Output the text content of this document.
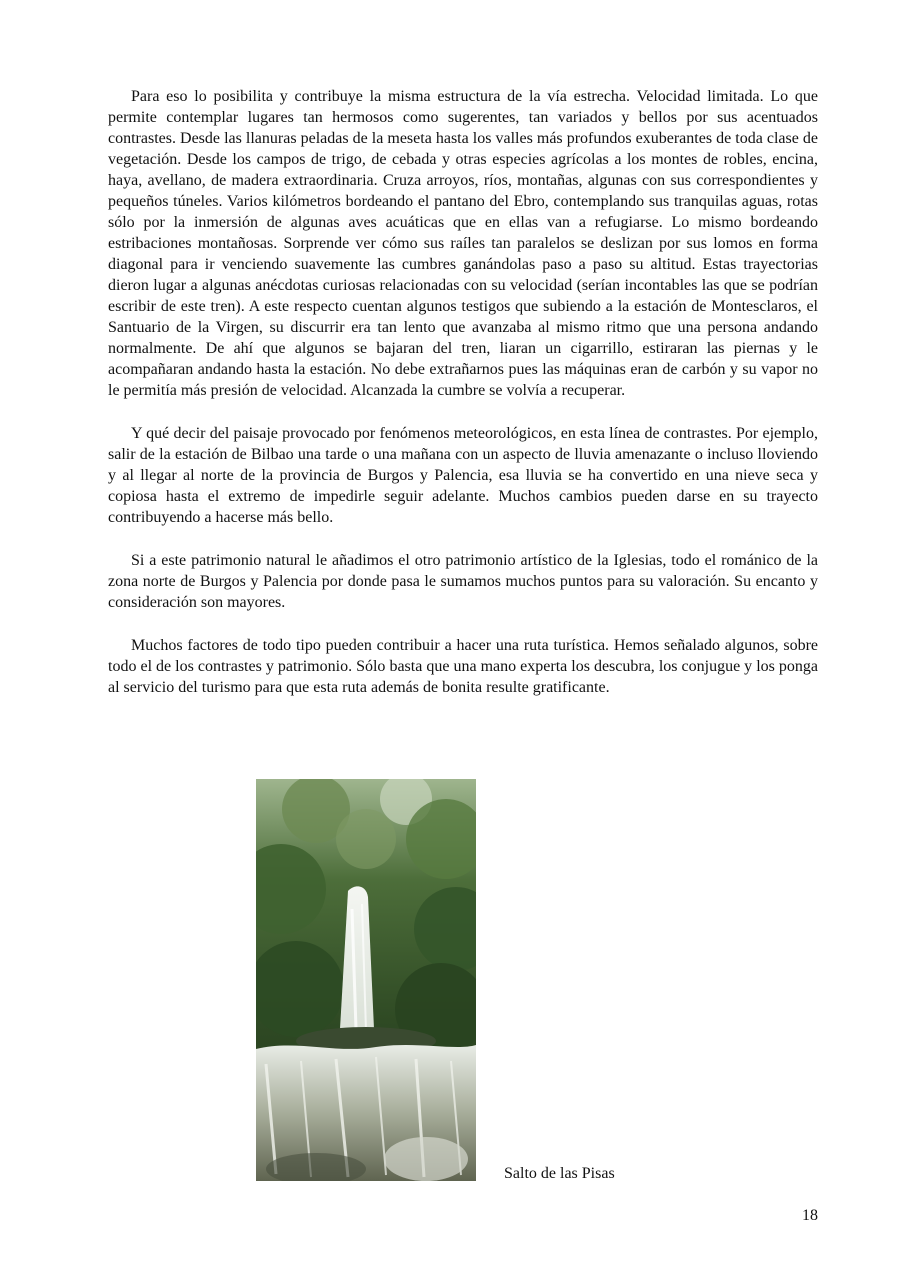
Para eso lo posibilita y contribuye la misma estructura de la vía estrecha. Velocidad limitada. Lo que permite contemplar lugares tan hermosos como sugerentes, tan variados y bellos por sus acentuados contrastes. Desde las llanuras peladas de la meseta hasta los valles más profundos exuberantes de toda clase de vegetación. Desde los campos de trigo, de cebada y otras especies agrícolas a los montes de robles, encina, haya, avellano, de madera extraordinaria. Cruza arroyos, ríos, montañas, algunas con sus correspondientes y pequeños túneles. Varios kilómetros bordeando el pantano del Ebro, contemplando sus tranquilas aguas, rotas sólo por la inmersión de algunas aves acuáticas que en ellas van a refugiarse. Lo mismo bordeando estribaciones montañosas. Sorprende ver cómo sus raíles tan paralelos se deslizan por sus lomos en forma diagonal para ir venciendo suavemente las cumbres ganándolas paso a paso su altitud. Estas trayectorias dieron lugar a algunas anécdotas curiosas relacionadas con su velocidad (serían incontables las que se podrían escribir de este tren). A este respecto cuentan algunos testigos que subiendo a la estación de Montesclaros, el Santuario de la Virgen, su discurrir era tan lento que avanzaba al mismo ritmo que una persona andando normalmente. De ahí que algunos se bajaran del tren, liaran un cigarrillo, estiraran las piernas y le acompañaran andando hasta la estación. No debe extrañarnos pues las máquinas eran de carbón y su vapor no le permitía más presión de velocidad. Alcanzada la cumbre se volvía a recuperar.

Y qué decir del paisaje provocado por fenómenos meteorológicos, en esta línea de contrastes. Por ejemplo, salir de la estación de Bilbao una tarde o una mañana con un aspecto de lluvia amenazante o incluso lloviendo y al llegar al norte de la provincia de Burgos y Palencia, esa lluvia se ha convertido en una nieve seca y copiosa hasta el extremo de impedirle seguir adelante. Muchos cambios pueden darse en su trayecto contribuyendo a hacerse más bello.

Si a este patrimonio natural le añadimos el otro patrimonio artístico de la Iglesias, todo el románico de la zona norte de Burgos y Palencia por donde pasa le sumamos muchos puntos para su valoración. Su encanto y consideración son mayores.

Muchos factores de todo tipo pueden contribuir a hacer una ruta turística. Hemos señalado algunos, sobre todo el de los contrastes y patrimonio. Sólo basta que una mano experta los descubra, los conjugue y los ponga al servicio del turismo para que esta ruta además de bonita resulte gratificante.

Salto de las Pisas
18
